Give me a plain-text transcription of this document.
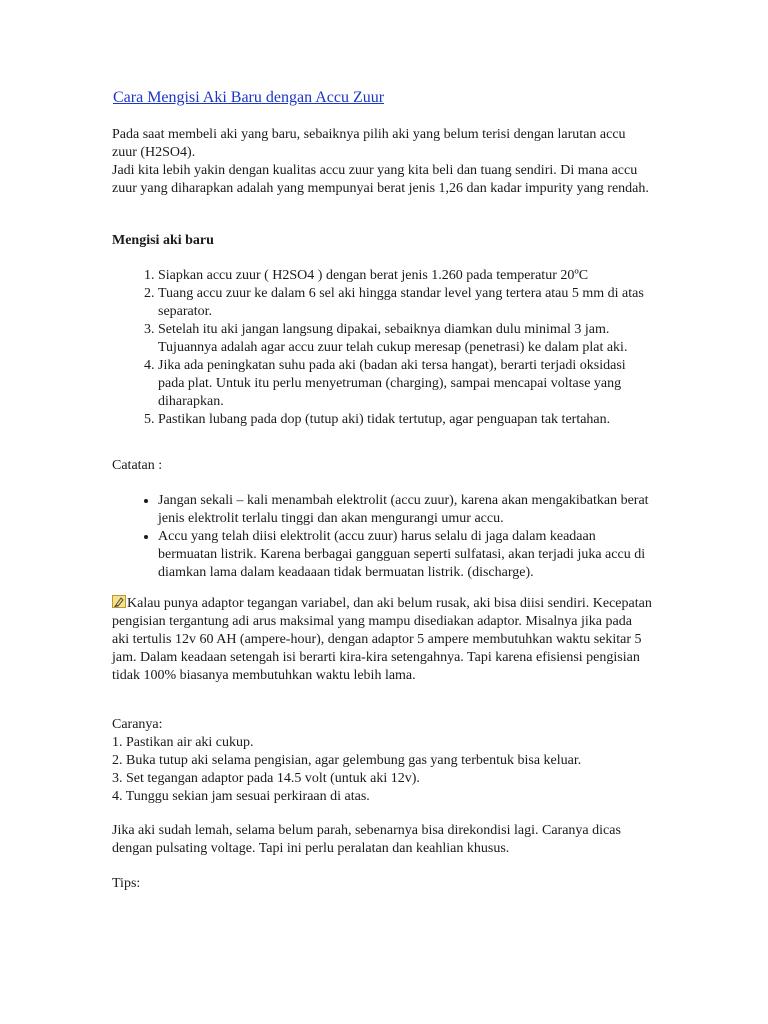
Cara Mengisi Aki Baru dengan Accu Zuur

Pada saat membeli aki yang baru, sebaiknya pilih aki yang belum terisi dengan larutan accu zuur (H2SO4).

Jadi kita lebih yakin dengan kualitas accu zuur yang kita beli dan tuang sendiri. Di mana accu zuur yang diharapkan adalah yang mempunyai berat jenis 1,26 dan kadar impurity yang rendah.

Mengisi aki baru

1. Siapkan accu zuur ( H2SO4 ) dengan berat jenis 1.260 pada temperatur 20ºC
2. Tuang accu zuur ke dalam 6 sel aki hingga standar level yang tertera atau 5 mm di atas separator.
3. Setelah itu aki jangan langsung dipakai, sebaiknya diamkan dulu minimal 3 jam. Tujuannya adalah agar accu zuur telah cukup meresap (penetrasi) ke dalam plat aki.
4. Jika ada peningkatan suhu pada aki (badan aki tersa hangat), berarti terjadi oksidasi pada plat. Untuk itu perlu menyetruman (charging), sampai mencapai voltase yang diharapkan.
5. Pastikan lubang pada dop (tutup aki) tidak tertutup, agar penguapan tak tertahan.

Catatan :

• Jangan sekali – kali menambah elektrolit (accu zuur), karena akan mengakibatkan berat jenis elektrolit terlalu tinggi dan akan mengurangi umur accu.
• Accu yang telah diisi elektrolit (accu zuur) harus selalu di jaga dalam keadaan bermuatan listrik. Karena berbagai gangguan seperti sulfatasi, akan terjadi juka accu di diamkan lama dalam keadaaan tidak bermuatan listrik. (discharge).

Kalau punya adaptor tegangan variabel, dan aki belum rusak, aki bisa diisi sendiri. Kecepatan pengisian tergantung adi arus maksimal yang mampu disediakan adaptor. Misalnya jika pada aki tertulis 12v 60 AH (ampere-hour), dengan adaptor 5 ampere membutuhkan waktu sekitar 5 jam. Dalam keadaan setengah isi berarti kira-kira setengahnya. Tapi karena efisiensi pengisian tidak 100% biasanya membutuhkan waktu lebih lama.

Caranya:

1. Pastikan air aki cukup.

2. Buka tutup aki selama pengisian, agar gelembung gas yang terbentuk bisa keluar.

3. Set tegangan adaptor pada 14.5 volt (untuk aki 12v).

4. Tunggu sekian jam sesuai perkiraan di atas.

Jika aki sudah lemah, selama belum parah, sebenarnya bisa direkondisi lagi. Caranya dicas dengan pulsating voltage. Tapi ini perlu peralatan dan keahlian khusus.

Tips:
